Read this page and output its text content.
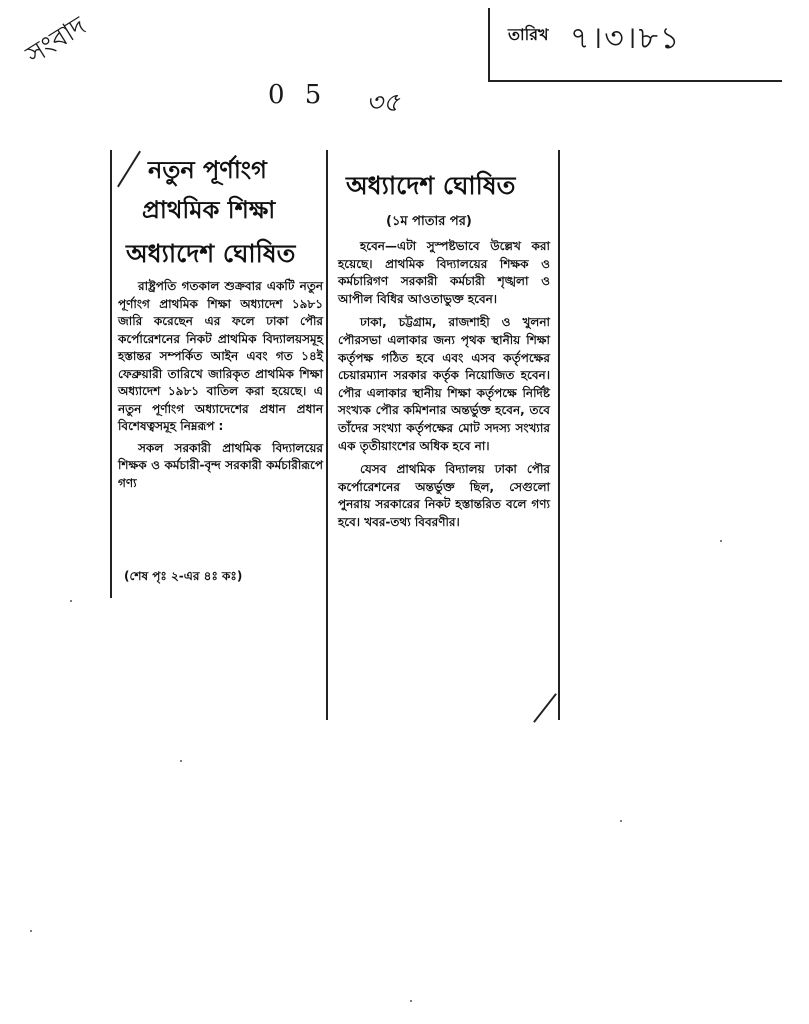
তারিখ ৭।৩।৮১
সংবাদ
0 5 ৩৫
নতুন পূর্ণাংগ
প্রাথমিক শিক্ষা
অধ্যাদেশ ঘোষিত

রাষ্ট্রপতি গতকাল শুক্রবার একটি নতুন পূর্ণাংগ প্রাথমিক শিক্ষা অধ্যাদেশ ১৯৮১ জারি করেছেন এর ফলে ঢাকা পৌর কর্পোরেশনের নিকট প্রাথমিক বিদ্যালয়সমূহ হস্তান্তর সম্পর্কিত আইন এবং গত ১৪ই ফেব্রুয়ারী তারিখে জারিকৃত প্রাথমিক শিক্ষা অধ্যাদেশ ১৯৮১ বাতিল করা হয়েছে। এ নতুন পূর্ণাংগ অধ্যাদেশের প্রধান প্রধান বিশেষত্বসমূহ নিম্নরূপ :

সকল সরকারী প্রাথমিক বিদ্যালয়ের শিক্ষক ও কর্মচারী-বৃন্দ সরকারী কর্মচারীরূপে গণ্য

(শেষ পৃঃ ২-এর ৪ঃ কঃ)
অধ্যাদেশ ঘোষিত
(১ম পাতার পর)

হবেন—এটা সুস্পষ্টভাবে উল্লেখ করা হয়েছে। প্রাথমিক বিদ্যালয়ের শিক্ষক ও কর্মচারিগণ সরকারী কর্মচারী শৃঙ্খলা ও আপীল বিধির আওতাভুক্ত হবেন।

ঢাকা, চট্টগ্রাম, রাজশাহী ও খুলনা পৌরসভা এলাকার জন্য পৃথক স্থানীয় শিক্ষা কর্তৃপক্ষ গঠিত হবে এবং এসব কর্তৃপক্ষের চেয়ারম্যান সরকার কর্তৃক নিয়োজিত হবেন। পৌর এলাকার স্থানীয় শিক্ষা কর্তৃপক্ষে নির্দিষ্ট সংখ্যক পৌর কমিশনার অন্তর্ভুক্ত হবেন, তবে তাঁদের সংখ্যা কর্তৃপক্ষের মোট সদস্য সংখ্যার এক তৃতীয়াংশের অধিক হবে না।

যেসব প্রাথমিক বিদ্যালয় ঢাকা পৌর কর্পোরেশনের অন্তর্ভুক্ত ছিল, সেগুলো পুনরায় সরকারের নিকট হস্তান্তরিত বলে গণ্য হবে। খবর-তথ্য বিবরণীর।
